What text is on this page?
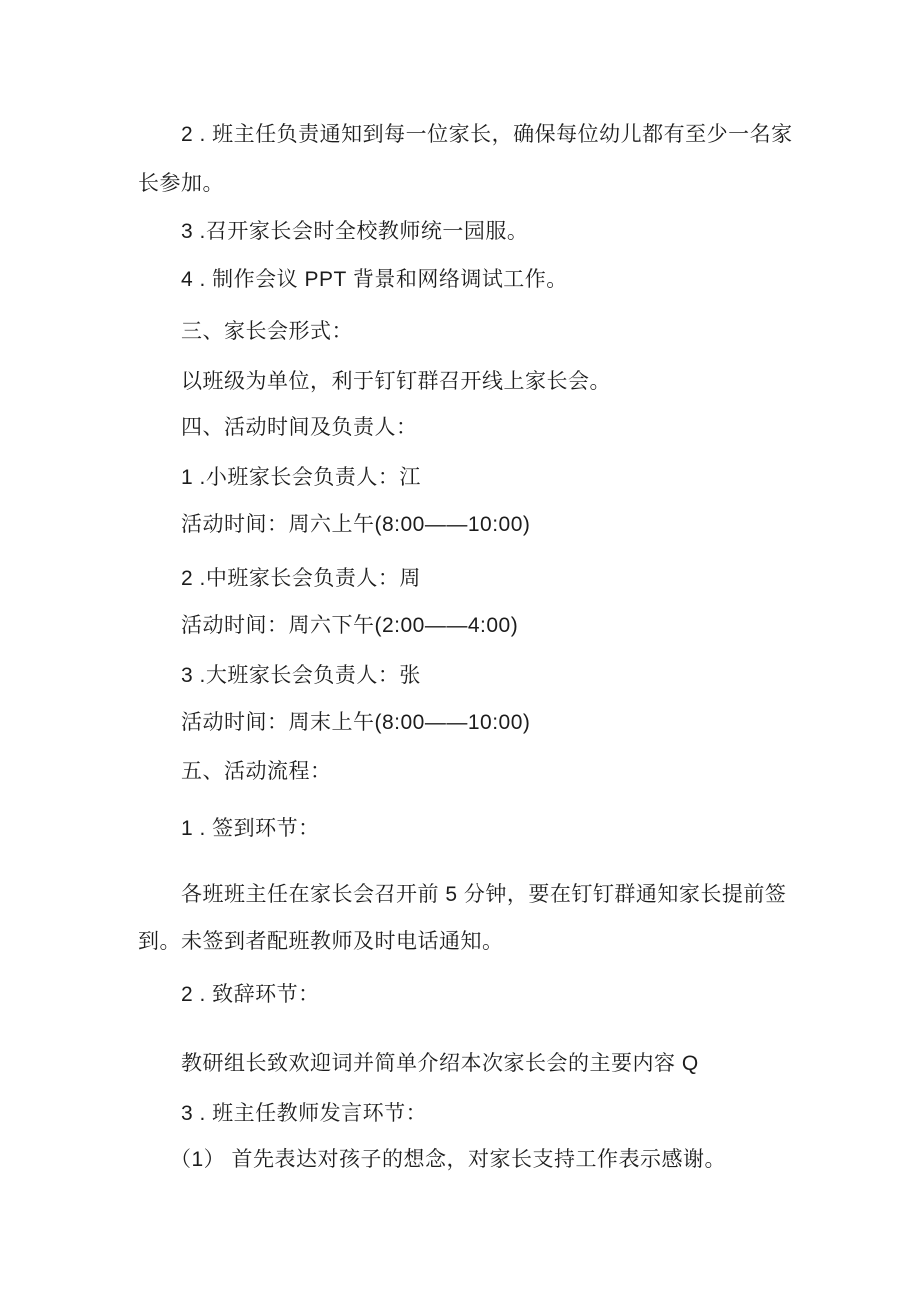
2 . 班主任负责通知到每一位家长，确保每位幼儿都有至少一名家
长参加。
3 .召开家长会时全校教师统一园服。
4 . 制作会议 PPT 背景和网络调试工作。
三、家长会形式：
以班级为单位，利于钉钉群召开线上家长会。
四、活动时间及负责人：
1 .小班家长会负责人：江
活动时间：周六上午(8:00——10:00)
2 .中班家长会负责人：周
活动时间：周六下午(2:00——4:00)
3 .大班家长会负责人：张
活动时间：周末上午(8:00——10:00)
五、活动流程：
1 . 签到环节：
各班班主任在家长会召开前 5 分钟，要在钉钉群通知家长提前签
到。未签到者配班教师及时电话通知。
2 . 致辞环节：
教研组长致欢迎词并简单介绍本次家长会的主要内容 Q
3 . 班主任教师发言环节：
（1） 首先表达对孩子的想念，对家长支持工作表示感谢。
